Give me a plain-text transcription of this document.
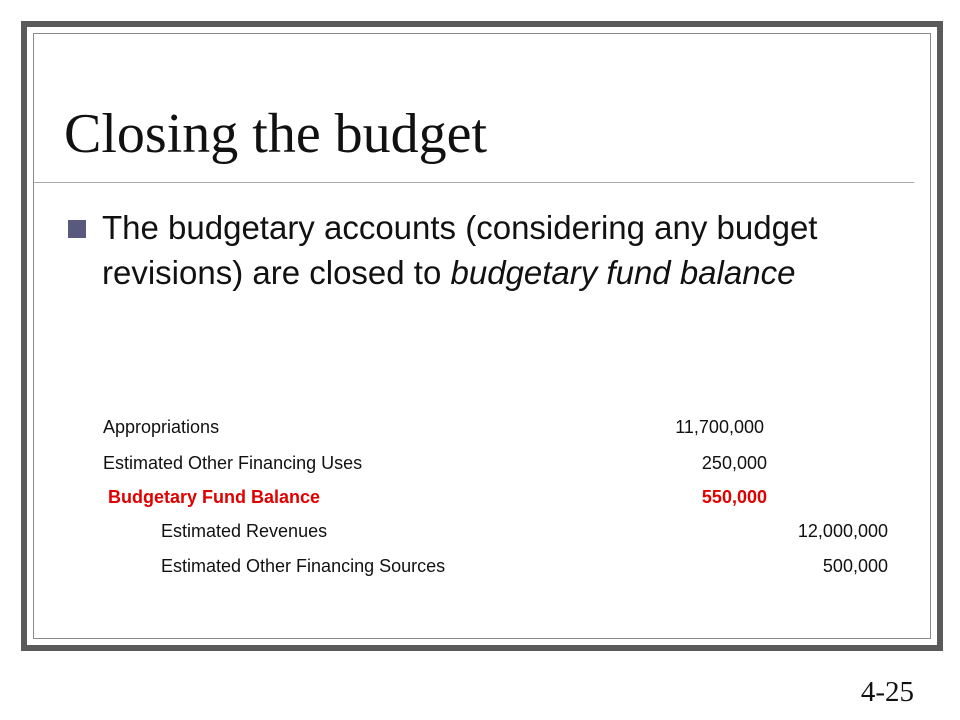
Closing the budget

The budgetary accounts (considering any budget revisions) are closed to budgetary fund balance

Appropriations	11,700,000
Estimated Other Financing Uses	250,000
Budgetary Fund Balance	550,000
Estimated Revenues	12,000,000
Estimated Other Financing Sources	500,000
4-25
